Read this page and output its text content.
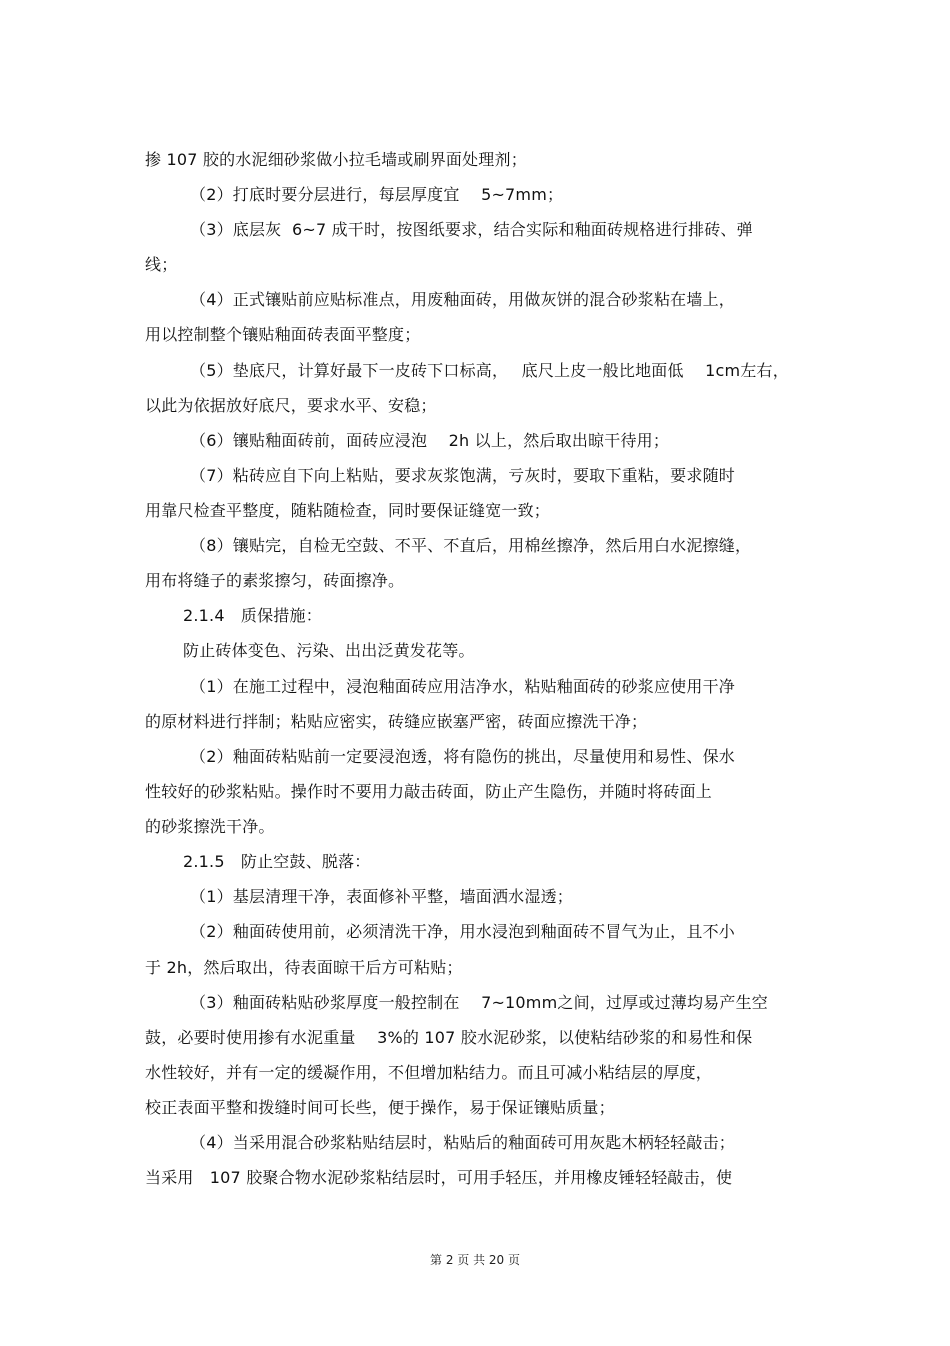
掺 107 胶的水泥细砂浆做小拉毛墙或刷界面处理剂；
（2）打底时要分层进行，每层厚度宜　 5~7mm；
（3）底层灰  6~7 成干时，按图纸要求，结合实际和釉面砖规格进行排砖、弹
线；
（4）正式镶贴前应贴标准点，用废釉面砖，用做灰饼的混合砂浆粘在墙上，
用以控制整个镶贴釉面砖表面平整度；
（5）垫底尺，计算好最下一皮砖下口标高，　 底尺上皮一般比地面低　 1cm左右，
以此为依据放好底尺，要求水平、安稳；
（6）镶贴釉面砖前，面砖应浸泡　 2h 以上，然后取出晾干待用；
（7）粘砖应自下向上粘贴，要求灰浆饱满，亏灰时，要取下重粘，要求随时
用靠尺检查平整度，随粘随检查，同时要保证缝宽一致；
（8）镶贴完，自检无空鼓、不平、不直后，用棉丝擦净，然后用白水泥擦缝，
用布将缝子的素浆擦匀，砖面擦净。
2.1.4　质保措施：
防止砖体变色、污染、出出泛黄发花等。
（1）在施工过程中，浸泡釉面砖应用洁净水，粘贴釉面砖的砂浆应使用干净
的原材料进行拌制；粘贴应密实，砖缝应嵌塞严密，砖面应擦洗干净；
（2）釉面砖粘贴前一定要浸泡透，将有隐伤的挑出，尽量使用和易性、保水
性较好的砂浆粘贴。操作时不要用力敲击砖面，防止产生隐伤，并随时将砖面上
的砂浆擦洗干净。
2.1.5　防止空鼓、脱落：
（1）基层清理干净，表面修补平整，墙面洒水湿透；
（2）釉面砖使用前，必须清洗干净，用水浸泡到釉面砖不冒气为止，且不小
于 2h，然后取出，待表面晾干后方可粘贴；
（3）釉面砖粘贴砂浆厚度一般控制在　 7~10mm之间，过厚或过薄均易产生空
鼓，必要时使用掺有水泥重量　 3%的 107 胶水泥砂浆，以使粘结砂浆的和易性和保
水性较好，并有一定的缓凝作用，不但增加粘结力。而且可减小粘结层的厚度，
校正表面平整和拨缝时间可长些，便于操作，易于保证镶贴质量；
（4）当采用混合砂浆粘贴结层时，粘贴后的釉面砖可用灰匙木柄轻轻敲击；
当采用　107 胶聚合物水泥砂浆粘结层时，可用手轻压，并用橡皮锤轻轻敲击，使
第 2 页 共 20 页
